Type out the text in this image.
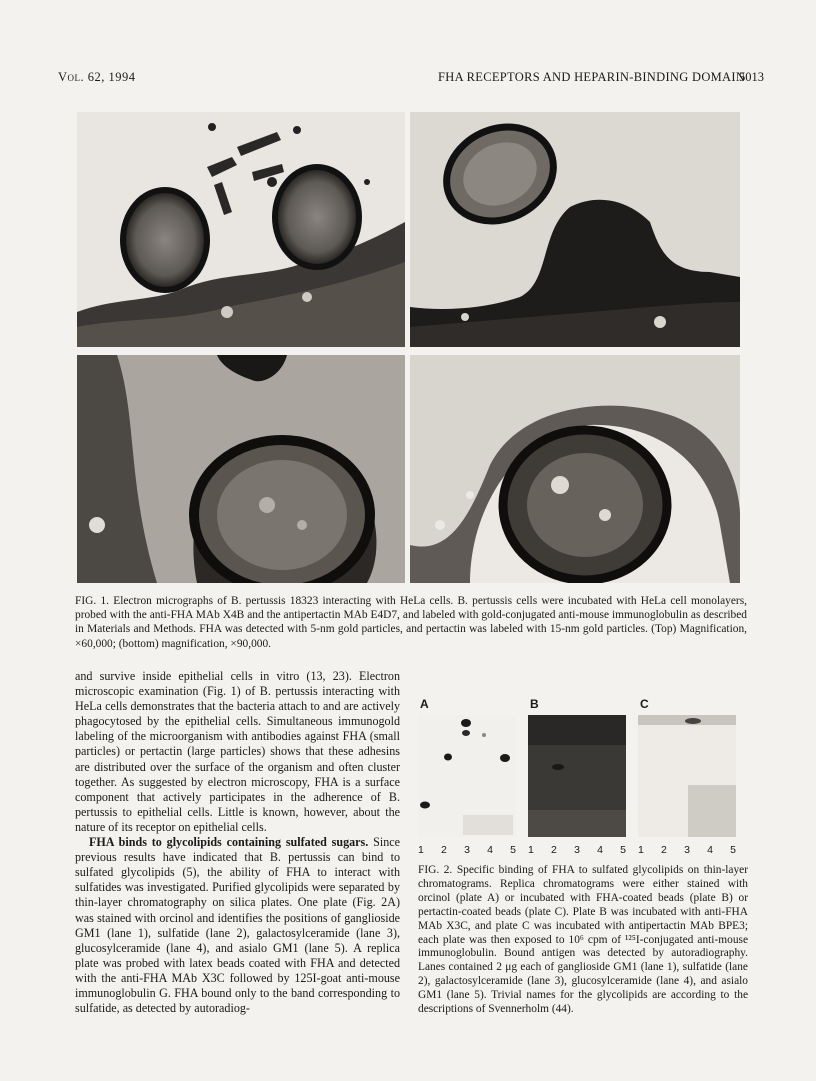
Vol. 62, 1994	FHA RECEPTORS AND HEPARIN-BINDING DOMAIN
5013
FIG. 1. Electron micrographs of B. pertussis 18323 interacting with HeLa cells. B. pertussis cells were incubated with HeLa cell monolayers, probed with the anti-FHA MAb X4B and the antipertactin MAb E4D7, and labeled with gold-conjugated anti-mouse immunoglobulin as described in Materials and Methods. FHA was detected with 5-nm gold particles, and pertactin was labeled with 15-nm gold particles. (Top) Magnification, ×60,000; (bottom) magnification, ×90,000.

and survive inside epithelial cells in vitro (13, 23). Electron microscopic examination (Fig. 1) of B. pertussis interacting with HeLa cells demonstrates that the bacteria attach to and are actively phagocytosed by the epithelial cells. Simultaneous immunogold labeling of the microorganism with antibodies against FHA (small particles) or pertactin (large particles) shows that these adhesins are distributed over the surface of the organism and often cluster together. As suggested by electron microscopy, FHA is a surface component that actively participates in the adherence of B. pertussis to epithelial cells. Little is known, however, about the nature of its receptor on epithelial cells.

FHA binds to glycolipids containing sulfated sugars. Since previous results have indicated that B. pertussis can bind to sulfated glycolipids (5), the ability of FHA to interact with sulfatides was investigated. Purified glycolipids were separated by thin-layer chromatography on silica plates. One plate (Fig. 2A) was stained with orcinol and identifies the positions of ganglioside GM1 (lane 1), sulfatide (lane 2), galactosylceramide (lane 3), glucosylceramide (lane 4), and asialo GM1 (lane 5). A replica plate was probed with latex beads coated with FHA and detected with the anti-FHA MAb X3C followed by 125I-goat anti-mouse immunoglobulin G. FHA bound only to the band corresponding to sulfatide, as detected by autoradiog-

A	B	C
1 2 3 4 5 1 2 3 4 5 1 2 3 4 5
FIG. 2. Specific binding of FHA to sulfated glycolipids on thin-layer chromatograms. Replica chromatograms were either stained with orcinol (plate A) or incubated with FHA-coated beads (plate B) or pertactin-coated beads (plate C). Plate B was incubated with anti-FHA MAb X3C, and plate C was incubated with antipertactin MAb BPE3; each plate was then exposed to 10⁶ cpm of ¹²⁵I-conjugated anti-mouse immunoglobulin. Bound antigen was detected by autoradiography. Lanes contained 2 μg each of ganglioside GM1 (lane 1), sulfatide (lane 2), galactosylceramide (lane 3), glucosylceramide (lane 4), and asialo GM1 (lane 5). Trivial names for the glycolipids are according to the descriptions of Svennerholm (44).
